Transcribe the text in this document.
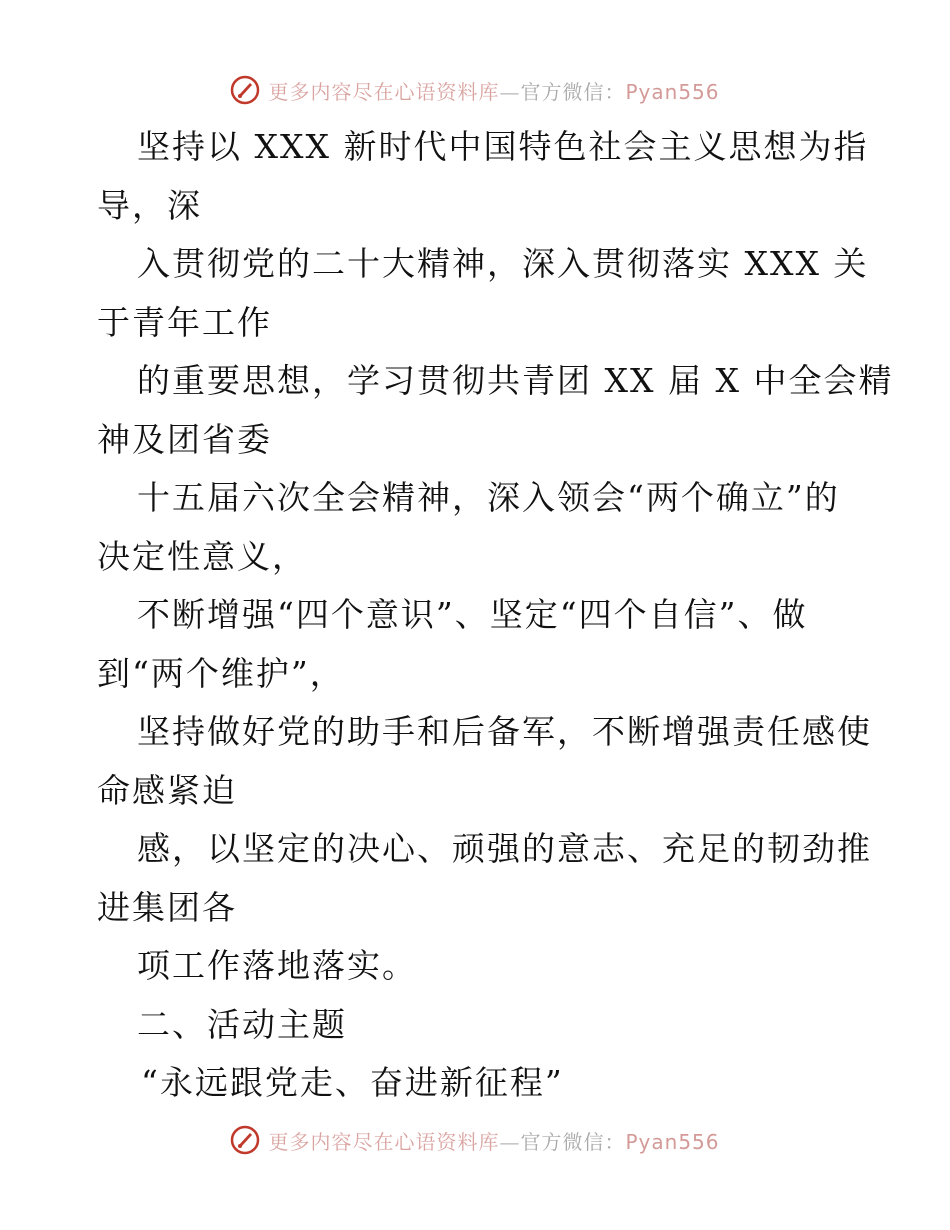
更多内容尽在心语资料库—官方微信：Pyan556
坚持以 XXX 新时代中国特色社会主义思想为指
导，深
入贯彻党的二十大精神，深入贯彻落实 XXX 关
于青年工作
的重要思想，学习贯彻共青团 XX 届 X 中全会精
神及团省委
十五届六次全会精神，深入领会“两个确立”的
决定性意义，
不断增强“四个意识”、坚定“四个自信”、做
到“两个维护”，
坚持做好党的助手和后备军，不断增强责任感使
命感紧迫
感，以坚定的决心、顽强的意志、充足的韧劲推
进集团各
项工作落地落实。
二、活动主题
“永远跟党走、奋进新征程”
更多内容尽在心语资料库—官方微信：Pyan556
